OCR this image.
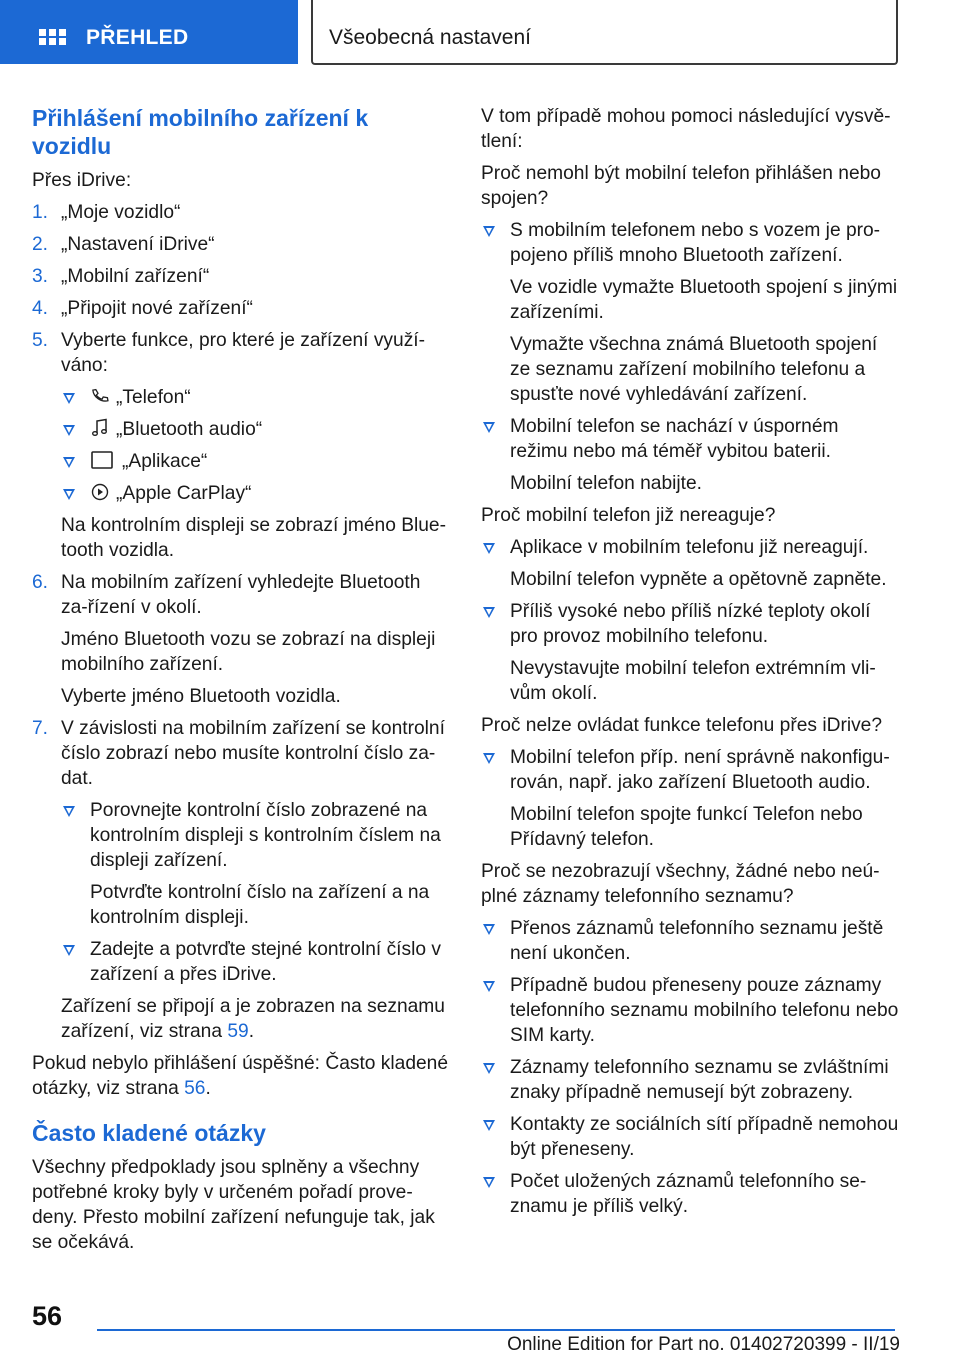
PŘEHLED	Všeobecná nastavení
Přihlášení mobilního zařízení k vozidlu

Přes iDrive:

1. „Moje vozidlo“
2. „Nastavení iDrive“
3. „Mobilní zařízení“
4. „Připojit nové zařízení“
5. Vyberte funkce, pro které je zařízení využí-váno:
„Telefon“
„Bluetooth audio“
„Aplikace“
„Apple CarPlay“
Na kontrolním displeji se zobrazí jméno Blue-tooth vozidla.
6. Na mobilním zařízení vyhledejte Bluetooth za-řízení v okolí.
Jméno Bluetooth vozu se zobrazí na displeji mobilního zařízení.
Vyberte jméno Bluetooth vozidla.
7. V závislosti na mobilním zařízení se kontrolní číslo zobrazí nebo musíte kontrolní číslo za-dat.
Porovnejte kontrolní číslo zobrazené na kontrolním displeji s kontrolním číslem na displeji zařízení.
Potvrďte kontrolní číslo na zařízení a na kontrolním displeji.
Zadejte a potvrďte stejné kontrolní číslo v zařízení a přes iDrive.
Zařízení se připojí a je zobrazen na seznamu zařízení, viz strana 59.

Pokud nebylo přihlášení úspěšné: Často kladené otázky, viz strana 56.

Často kladené otázky

Všechny předpoklady jsou splněny a všechny potřebné kroky byly v určeném pořadí prove-deny. Přesto mobilní zařízení nefunguje tak, jak se očekává.

V tom případě mohou pomoci následující vysvě-tlení:

Proč nemohl být mobilní telefon přihlášen nebo spojen?

S mobilním telefonem nebo s vozem je pro-pojeno příliš mnoho Bluetooth zařízení.
Ve vozidle vymažte Bluetooth spojení s jinými zařízeními.
Vymažte všechna známá Bluetooth spojení ze seznamu zařízení mobilního telefonu a spusťte nové vyhledávání zařízení.
Mobilní telefon se nachází v úsporném režimu nebo má téměř vybitou baterii.
Mobilní telefon nabijte.

Proč mobilní telefon již nereaguje?

Aplikace v mobilním telefonu již nereagují.
Mobilní telefon vypněte a opětovně zapněte.
Příliš vysoké nebo příliš nízké teploty okolí pro provoz mobilního telefonu.
Nevystavujte mobilní telefon extrémním vli-vům okolí.

Proč nelze ovládat funkce telefonu přes iDrive?

Mobilní telefon příp. není správně nakonfigu-rován, např. jako zařízení Bluetooth audio.
Mobilní telefon spojte funkcí Telefon nebo Přídavný telefon.

Proč se nezobrazují všechny, žádné nebo neú-plné záznamy telefonního seznamu?

Přenos záznamů telefonního seznamu ještě není ukončen.
Případně budou přeneseny pouze záznamy telefonního seznamu mobilního telefonu nebo SIM karty.
Záznamy telefonního seznamu se zvláštními znaky případně nemusejí být zobrazeny.
Kontakty ze sociálních sítí případně nemohou být přeneseny.
Počet uložených záznamů telefonního se-znamu je příliš velký.
56
Online Edition for Part no. 01402720399 - II/19
